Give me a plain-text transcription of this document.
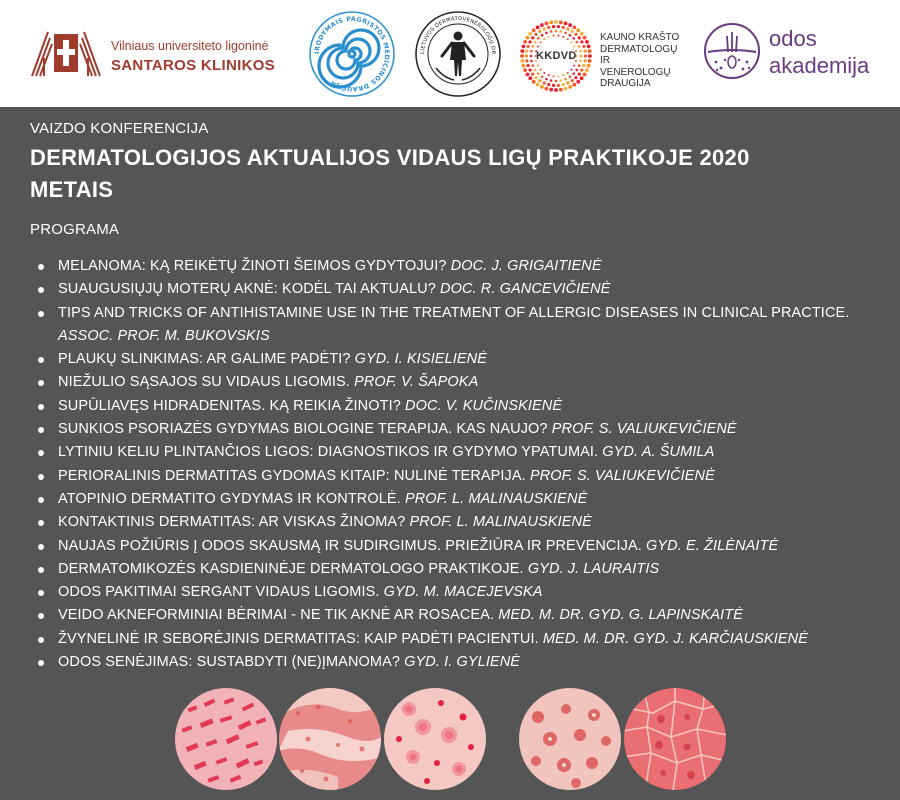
Vilniaus universiteto ligoninė
SANTAROS KLINIKOS
IRODYMAIS PAGRISTOS MEDICINOS DRAUGIJA
LIETUVOS DERMATOVENEROLOGŲ DR	KKDVD
KAUNO KRAŠTO
DERMATOLOGŲ
IR VENEROLOGŲ
DRAUGIJA
odos
akademija
VAIZDO KONFERENCIJA
DERMATOLOGIJOS AKTUALIJOS VIDAUS LIGŲ PRAKTIKOJE 2020 METAIS
PROGRAMA
MELANOMA: KĄ REIKĖTŲ ŽINOTI ŠEIMOS GYDYTOJUI? DOC. J. GRIGAITIENĖ
SUAUGUSIŲJŲ MOTERŲ AKNĖ: KODĖL TAI AKTUALU? DOC. R. GANCEVIČIENĖ
TIPS AND TRICKS OF ANTIHISTAMINE USE IN THE TREATMENT OF ALLERGIC DISEASES IN CLINICAL PRACTICE. ASSOC. PROF. M. BUKOVSKIS
PLAUKŲ SLINKIMAS: AR GALIME PADĖTI? GYD. I. KISIELIENĖ
NIEŽULIO SĄSAJOS SU VIDAUS LIGOMIS. PROF. V. ŠAPOKA
SUPŪLIAVĘS HIDRADENITAS. KĄ REIKIA ŽINOTI? DOC. V. KUČINSKIENĖ
SUNKIOS PSORIAZĖS GYDYMAS BIOLOGINE TERAPIJA. KAS NAUJO? PROF. S. VALIUKEVIČIENĖ
LYTINIU KELIU PLINTANČIOS LIGOS: DIAGNOSTIKOS IR GYDYMO YPATUMAI. GYD. A. ŠUMILA
PERIORALINIS DERMATITAS GYDOMAS KITAIP: NULINĖ TERAPIJA. PROF. S. VALIUKEVIČIENĖ
ATOPINIO DERMATITO GYDYMAS IR KONTROLĖ. PROF. L. MALINAUSKIENĖ
KONTAKTINIS DERMATITAS: AR VISKAS ŽINOMA? PROF. L. MALINAUSKIENĖ
NAUJAS POŽIŪRIS Į ODOS SKAUSMĄ IR SUDIRGIMUS. PRIEŽIŪRA IR PREVENCIJA. GYD. E. ŽILĖNAITĖ
DERMATOMIKOZĖS KASDIENINĖJE DERMATOLOGO PRAKTIKOJE. GYD. J. LAURAITIS
ODOS PAKITIMAI SERGANT VIDAUS LIGOMIS. GYD. M. MACEJEVSKA
VEIDO AKNEFORMINIAI BĖRIMAI - NE TIK AKNĖ AR ROSACEA. MED. M. DR. GYD. G. LAPINSKAITĖ
ŽVYNELINĖ IR SEBORĖJINIS DERMATITAS: KAIP PADĖTI PACIENTUI. MED. M. DR. GYD. J. KARČIAUSKIENĖ
ODOS SENĖJIMAS: SUSTABDYTI (NE)ĮMANOMA? GYD. I. GYLIENĖ
